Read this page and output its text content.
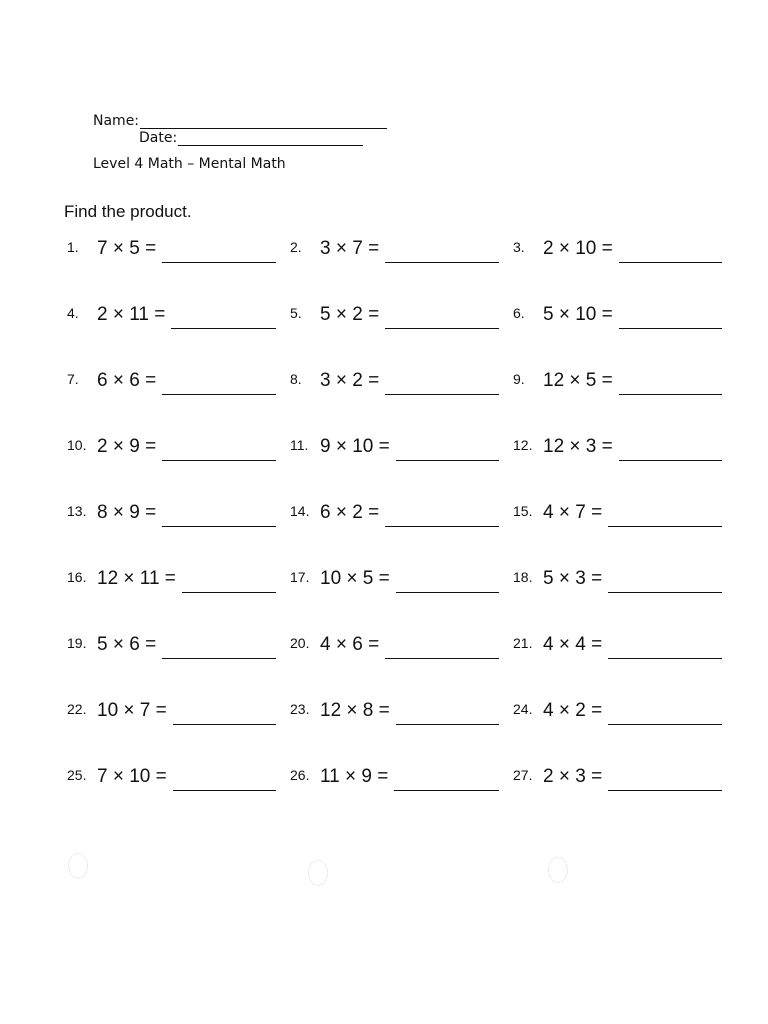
Name:
Date:
Level 4 Math – Mental Math
Find the product.
1. 7 × 5 =	2. 3 × 7 =	3. 2 × 10 =
4. 2 × 11 =	5. 5 × 2 =	6. 5 × 10 =
7. 6 × 6 =	8. 3 × 2 =	9. 12 × 5 =
10. 2 × 9 =	11. 9 × 10 =	12. 12 × 3 =
13. 8 × 9 =	14. 6 × 2 =	15. 4 × 7 =
16. 12 × 11 =	17. 10 × 5 =	18. 5 × 3 =
19. 5 × 6 =	20. 4 × 6 =	21. 4 × 4 =
22. 10 × 7 =	23. 12 × 8 =	24. 4 × 2 =
25. 7 × 10 =	26. 11 × 9 =	27. 2 × 3 =
